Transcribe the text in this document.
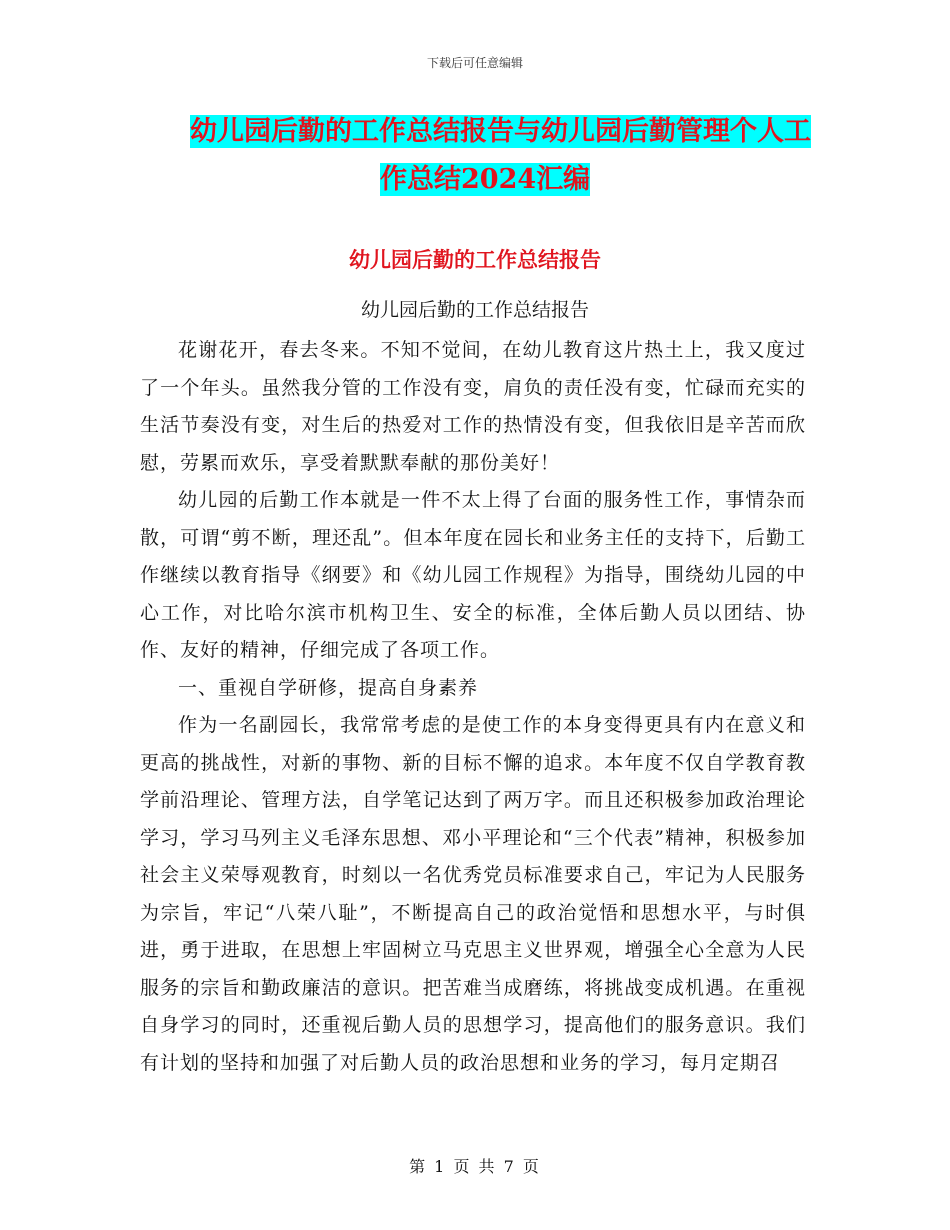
下载后可任意编辑
幼儿园后勤的工作总结报告与幼儿园后勤管理个人工
作总结2024汇编
幼儿园后勤的工作总结报告
幼儿园后勤的工作总结报告

花谢花开，春去冬来。不知不觉间，在幼儿教育这片热土上，我又度过了一个年头。虽然我分管的工作没有变，肩负的责任没有变，忙碌而充实的生活节奏没有变，对生后的热爱对工作的热情没有变，但我依旧是辛苦而欣慰，劳累而欢乐，享受着默默奉献的那份美好！

幼儿园的后勤工作本就是一件不太上得了台面的服务性工作，事情杂而散，可谓“剪不断，理还乱”。但本年度在园长和业务主任的支持下，后勤工作继续以教育指导《纲要》和《幼儿园工作规程》为指导，围绕幼儿园的中心工作，对比哈尔滨市机构卫生、安全的标准，全体后勤人员以团结、协作、友好的精神，仔细完成了各项工作。

一、重视自学研修，提高自身素养

作为一名副园长，我常常考虑的是使工作的本身变得更具有内在意义和更高的挑战性，对新的事物、新的目标不懈的追求。本年度不仅自学教育教学前沿理论、管理方法，自学笔记达到了两万字。而且还积极参加政治理论学习，学习马列主义毛泽东思想、邓小平理论和“三个代表”精神，积极参加社会主义荣辱观教育，时刻以一名优秀党员标准要求自己，牢记为人民服务为宗旨，牢记“八荣八耻”，不断提高自己的政治觉悟和思想水平，与时俱进，勇于进取，在思想上牢固树立马克思主义世界观，增强全心全意为人民服务的宗旨和勤政廉洁的意识。把苦难当成磨练，将挑战变成机遇。在重视自身学习的同时，还重视后勤人员的思想学习，提高他们的服务意识。我们有计划的坚持和加强了对后勤人员的政治思想和业务的学习，每月定期召

第 1 页 共 7 页
